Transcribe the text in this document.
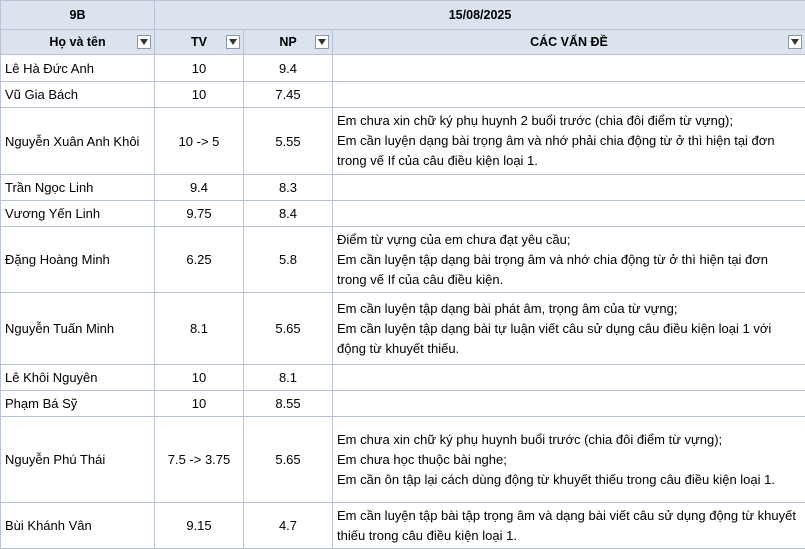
9B	15/08/2025		
Họ và tên	TV	NP	CÁC VẤN ĐỀ

Lê Hà Đức Anh	10	9.4	
Vũ Gia Bách	10	7.45	
Nguyễn Xuân Anh Khôi	10 -> 5	5.55	Em chưa xin chữ ký phụ huynh 2 buổi trước (chia đôi điểm từ vựng);

Em cần luyện dạng bài trọng âm và nhớ phải chia động từ ở thì hiện tại đơn trong vế If của câu điều kiện loại 1.

Trần Ngọc Linh	9.4	8.3	
Vương Yến Linh	9.75	8.4	
Đặng Hoàng Minh	6.25	5.8	Điểm từ vựng của em chưa đạt yêu cầu;

Em cần luyện tập dạng bài trọng âm và nhớ chia động từ ở thì hiện tại đơn trong vế If của câu điều kiện.

Nguyễn Tuấn Minh	8.1	5.65	Em cần luyện tập dạng bài phát âm, trọng âm của từ vựng;

Em cần luyện tập dạng bài tự luận viết câu sử dụng câu điều kiện loại 1 với động từ khuyết thiếu.

Lê Khôi Nguyên	10	8.1	
Phạm Bá Sỹ	10	8.55	
Nguyễn Phú Thái	7.5 -> 3.75	5.65	Em chưa xin chữ ký phụ huynh buổi trước (chia đôi điểm từ vựng);

Em chưa học thuộc bài nghe;

Em cần ôn tập lại cách dùng động từ khuyết thiếu trong câu điều kiện loại 1.

Bùi Khánh Vân	9.15	4.7	Em cần luyện tập bài tập trọng âm và dạng bài viết câu sử dụng động từ khuyết thiếu trong câu điều kiện loại 1.
